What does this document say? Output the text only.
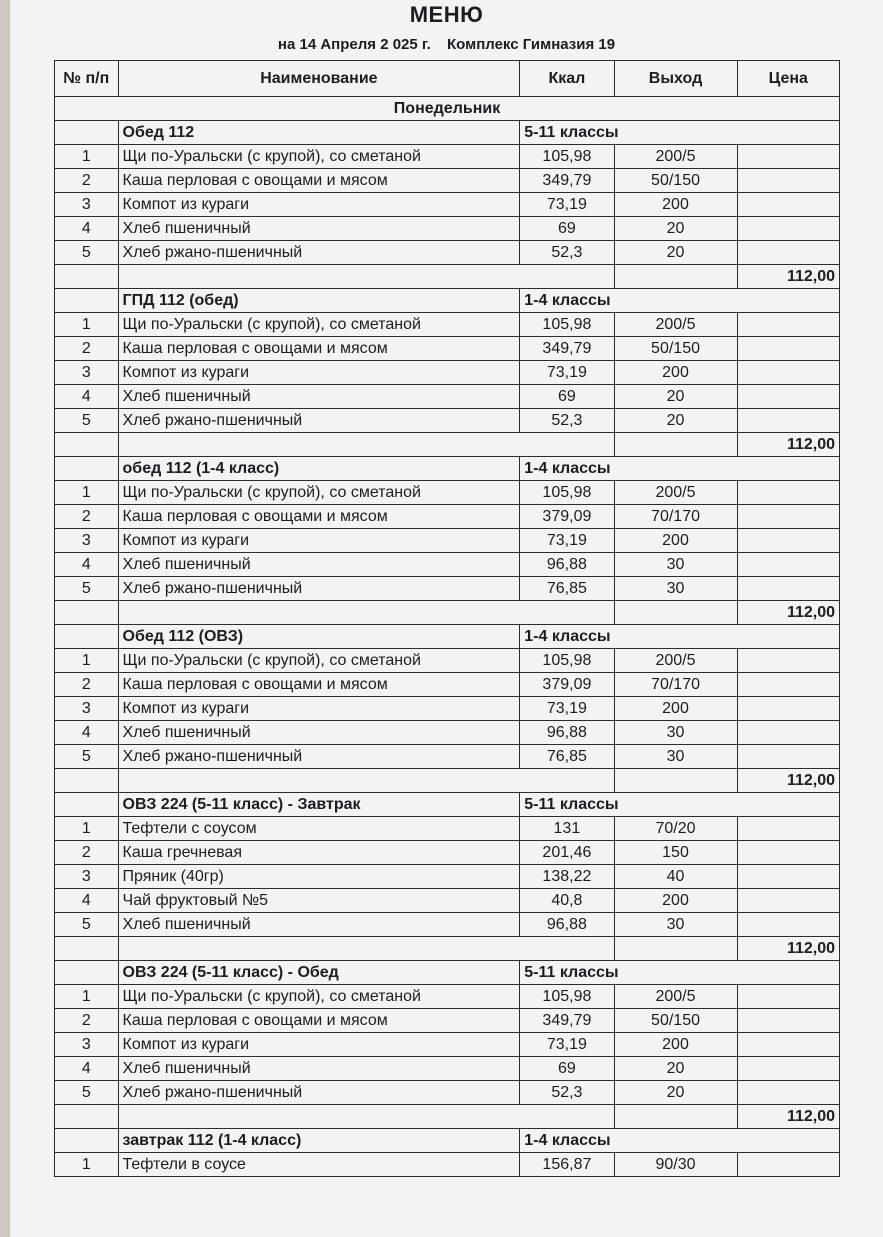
МЕНЮ
на 14 Апреля 2 025 г. Комплекс Гимназия 19
№ п/п	Наименование	Ккал	Выход	Цена
Понедельник				
	Обед 112	5-11 классы		
1	Щи по-Уральски (с крупой), со сметаной	105,98	200/5	
2	Каша перловая с овощами и мясом	349,79	50/150	
3	Компот из кураги	73,19	200	
4	Хлеб пшеничный	69	20	
5	Хлеб ржано-пшеничный	52,3	20	
				112,00
	ГПД 112 (обед)	1-4 классы		
1	Щи по-Уральски (с крупой), со сметаной	105,98	200/5	
2	Каша перловая с овощами и мясом	349,79	50/150	
3	Компот из кураги	73,19	200	
4	Хлеб пшеничный	69	20	
5	Хлеб ржано-пшеничный	52,3	20	
				112,00
	обед 112 (1-4 класс)	1-4 классы		
1	Щи по-Уральски (с крупой), со сметаной	105,98	200/5	
2	Каша перловая с овощами и мясом	379,09	70/170	
3	Компот из кураги	73,19	200	
4	Хлеб пшеничный	96,88	30	
5	Хлеб ржано-пшеничный	76,85	30	
				112,00
	Обед 112 (ОВЗ)	1-4 классы		
1	Щи по-Уральски (с крупой), со сметаной	105,98	200/5	
2	Каша перловая с овощами и мясом	379,09	70/170	
3	Компот из кураги	73,19	200	
4	Хлеб пшеничный	96,88	30	
5	Хлеб ржано-пшеничный	76,85	30	
				112,00
	ОВЗ 224 (5-11 класс) - Завтрак	5-11 классы		
1	Тефтели с соусом	131	70/20	
2	Каша гречневая	201,46	150	
3	Пряник (40гр)	138,22	40	
4	Чай фруктовый №5	40,8	200	
5	Хлеб пшеничный	96,88	30	
				112,00
	ОВЗ 224 (5-11 класс) - Обед	5-11 классы		
1	Щи по-Уральски (с крупой), со сметаной	105,98	200/5	
2	Каша перловая с овощами и мясом	349,79	50/150	
3	Компот из кураги	73,19	200	
4	Хлеб пшеничный	69	20	
5	Хлеб ржано-пшеничный	52,3	20	
				112,00
	завтрак 112 (1-4 класс)	1-4 классы		
1	Тефтели в соусе	156,87	90/30	
